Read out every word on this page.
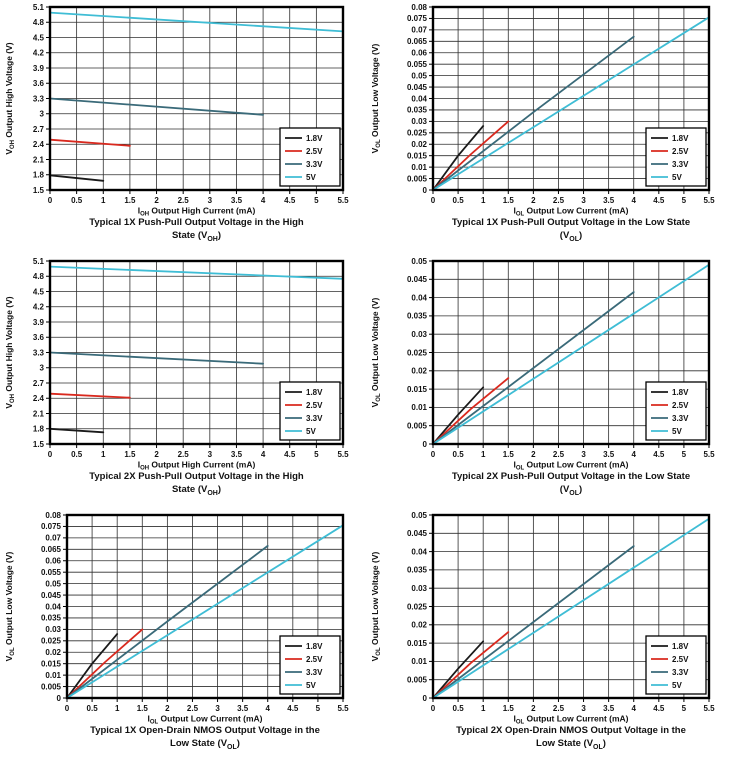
0 0.5 1 1.5 2 2.5 3 3.5 4 4.5 5 5.5
1.5
1.8
2.1
2.4
2.7
3
3.3
3.6
3.9
4.2
4.5
4.8
5.1
$V_{OH}$ Output High Voltage (V)
$I_{OH}$ Output High Current (mA)
1.8V
2.5V
3.3V
5V
Typical 1X Push-Pull Output Voltage in the High
State $(V_{OH})$
0 0.5 1 1.5 2 2.5 3 3.5 4 4.5 5 5.5
0
0.005
0.01
0.015
0.02
0.025
0.03
0.035
0.04
0.045
0.05
0.055
0.06
0.065
0.07
0.075
0.08
$V_{OL}$ Output Low Voltage (V)
$I_{OL}$ Output Low Current (mA)
1.8V
2.5V
3.3V
5V
Typical 1X Push-Pull Output Voltage in the Low State
$(V_{OL})$
0 0.5 1 1.5 2 2.5 3 3.5 4 4.5 5 5.5
1.5
1.8
2.1
2.4
2.7
3
3.3
3.6
3.9
4.2
4.5
4.8
5.1
$V_{OH}$ Output High Voltage (V)
$I_{OH}$ Output High Current (mA)
1.8V
2.5V
3.3V
5V
Typical 2X Push-Pull Output Voltage in the High
State $(V_{OH})$
0 0.5 1 1.5 2 2.5 3 3.5 4 4.5 5 5.5
0
0.005
0.01
0.015
0.02
0.025
0.03
0.035
0.04
0.045
0.05
$V_{OL}$ Output Low Voltage (V)
$I_{OL}$ Output Low Current (mA)
1.8V
2.5V
3.3V
5V
Typical 2X Push-Pull Output Voltage in the Low State
$(V_{OL})$
0 0.5 1 1.5 2 2.5 3 3.5 4 4.5 5 5.5
0
0.005
0.01
0.015
0.02
0.025
0.03
0.035
0.04
0.045
0.05
0.055
0.06
0.065
0.07
0.075
0.08
$V_{OL}$ Output Low Voltage (V)
$I_{OL}$ Output Low Current (mA)
1.8V
2.5V
3.3V
5V
Typical 1X Open-Drain NMOS Output Voltage in the
Low State $(V_{OL})$
0 0.5 1 1.5 2 2.5 3 3.5 4 4.5 5 5.5
0
0.005
0.01
0.015
0.02
0.025
0.03
0.035
0.04
0.045
0.05
$V_{OL}$ Output Low Voltage (V)
$I_{OL}$ Output Low Current (mA)
1.8V
2.5V
3.3V
5V
Typical 2X Open-Drain NMOS Output Voltage in the
Low State $(V_{OL})$
